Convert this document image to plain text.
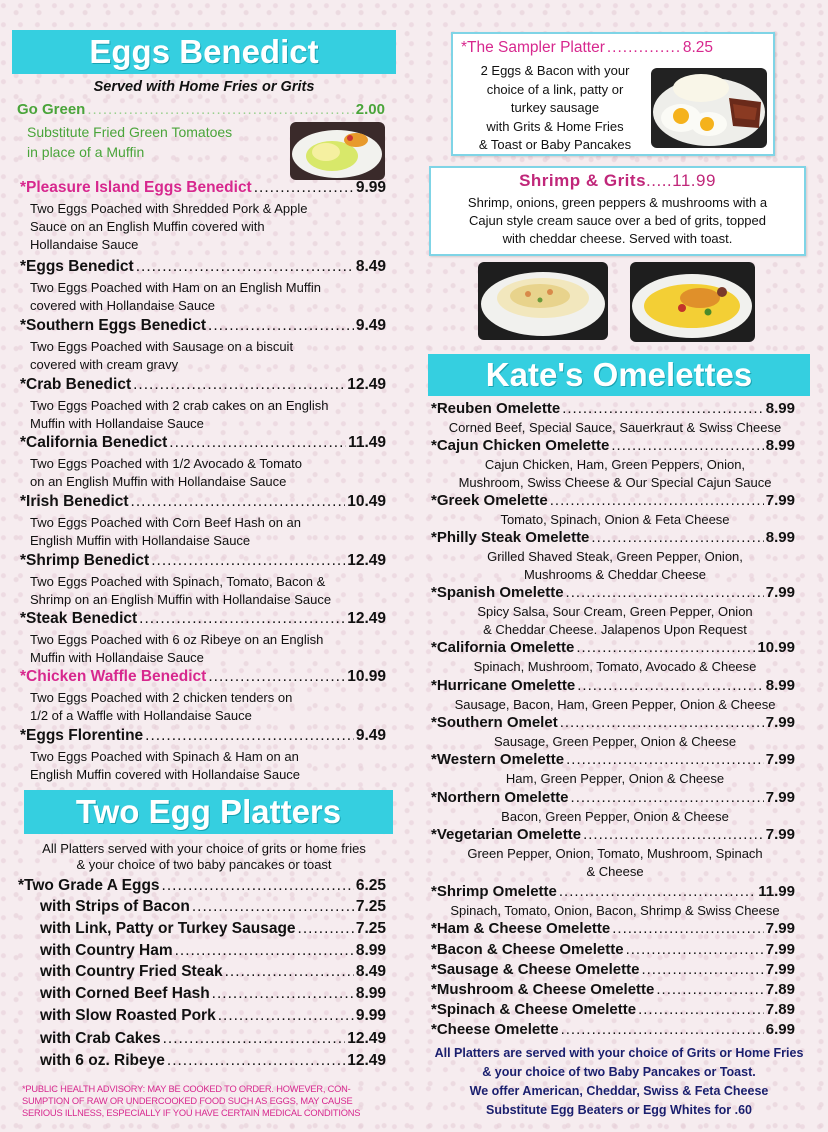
Eggs Benedict
Served with Home Fries or Grits
Go Green .....	2.00
Substitute Fried Green Tomatoes
in place of a Muffin
*Pleasure Island Eggs Benedict .....	9.99
Two Eggs Poached with Shredded Pork & Apple
Sauce on an English Muffin covered with
Hollandaise Sauce
*Eggs Benedict .....	8.49
Two Eggs Poached with Ham on an English Muffin
covered with Hollandaise Sauce
*Southern Eggs Benedict .....	9.49
Two Eggs Poached with Sausage on a biscuit
covered with cream gravy
*Crab Benedict .....	12.49
Two Eggs Poached with 2 crab cakes on an English
Muffin with Hollandaise Sauce
*California Benedict .....	11.49
Two Eggs Poached with 1/2 Avocado & Tomato
on an English Muffin with Hollandaise Sauce
*Irish Benedict .....	10.49
Two Eggs Poached with Corn Beef Hash on an
English Muffin with Hollandaise Sauce
*Shrimp Benedict .....	12.49
Two Eggs Poached with Spinach, Tomato, Bacon &
Shrimp on an English Muffin with Hollandaise Sauce
*Steak Benedict .....	12.49
Two Eggs Poached with 6 oz Ribeye on an English
Muffin with Hollandaise Sauce
*Chicken Waffle Benedict .....	10.99
Two Eggs Poached with 2 chicken tenders on
1/2 of a Waffle with Hollandaise Sauce
*Eggs Florentine .....	9.49
Two Eggs Poached with Spinach & Ham on an
English Muffin covered with Hollandaise Sauce
Two Egg Platters
All Platters served with your choice of grits or home fries
& your choice of two baby pancakes or toast
*Two Grade A Eggs .....	6.25
with Strips of Bacon .....	7.25
with Link, Patty or Turkey Sausage .....	7.25
with Country Ham .....	8.99
with Country Fried Steak .....	8.49
with Corned Beef Hash .....	8.99
with Slow Roasted Pork .....	9.99
with Crab Cakes .....	12.49
with 6 oz. Ribeye .....	12.49
*PUBLIC HEALTH ADVISORY: MAY BE COOKED TO ORDER. HOWEVER, CON-
SUMPTION OF RAW OR UNDERCOOKED FOOD SUCH AS EGGS, MAY CAUSE
SERIOUS ILLNESS, ESPECIALLY IF YOU HAVE CERTAIN MEDICAL CONDITIONS
*The Sampler Platter .....	8.25
2 Eggs & Bacon with your
choice of a link, patty or
turkey sausage
with Grits & Home Fries
& Toast or Baby Pancakes
Shrimp & Grits.....11.99
Shrimp, onions, green peppers & mushrooms with a
Cajun style cream sauce over a bed of grits, topped
with cheddar cheese. Served with toast.
Kate's Omelettes
*Reuben Omelette .....	8.99
Corned Beef, Special Sauce, Sauerkraut & Swiss Cheese
*Cajun Chicken Omelette .....	8.99
Cajun Chicken, Ham, Green Peppers, Onion,
Mushroom, Swiss Cheese & Our Special Cajun Sauce
*Greek Omelette .....	7.99
Tomato, Spinach, Onion & Feta Cheese
*Philly Steak Omelette .....	8.99
Grilled Shaved Steak, Green Pepper, Onion,
Mushrooms & Cheddar Cheese
*Spanish Omelette .....	7.99
Spicy Salsa, Sour Cream, Green Pepper, Onion
& Cheddar Cheese. Jalapenos Upon Request
*California Omelette .....	10.99
Spinach, Mushroom, Tomato, Avocado & Cheese
*Hurricane Omelette .....	8.99
Sausage, Bacon, Ham, Green Pepper, Onion & Cheese
*Southern Omelet .....	7.99
Sausage, Green Pepper, Onion & Cheese
*Western Omelette .....	7.99
Ham, Green Pepper, Onion & Cheese
*Northern Omelette .....	7.99
Bacon, Green Pepper, Onion & Cheese
*Vegetarian Omelette .....	7.99
Green Pepper, Onion, Tomato, Mushroom, Spinach
& Cheese
*Shrimp Omelette .....	11.99
Spinach, Tomato, Onion, Bacon, Shrimp & Swiss Cheese
*Ham & Cheese Omelette .....	7.99
*Bacon & Cheese Omelette .....	7.99
*Sausage & Cheese Omelette .....	7.99
*Mushroom & Cheese Omelette .....	7.89
*Spinach & Cheese Omelette .....	7.89
*Cheese Omelette .....	6.99
All Platters are served with your choice of Grits or Home Fries
& your choice of two Baby Pancakes or Toast.
We offer American, Cheddar, Swiss & Feta Cheese
Substitute Egg Beaters or Egg Whites for .60
